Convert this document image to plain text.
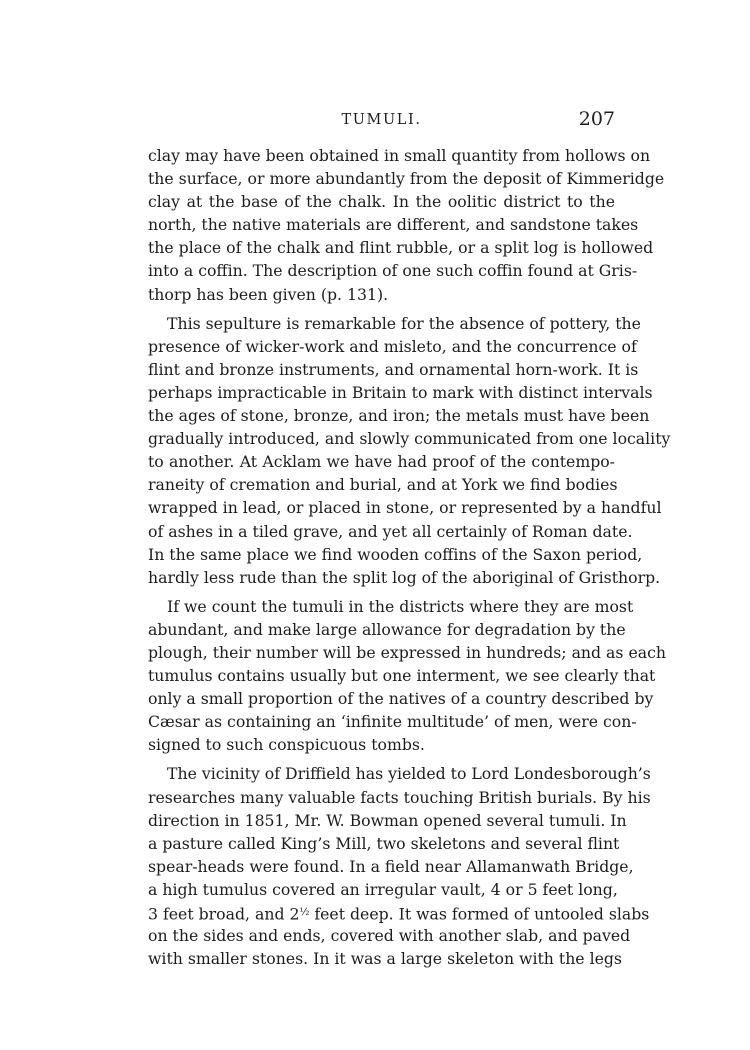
TUMULI.	207

clay may have been obtained in small quantity from hollows on
the surface, or more abundantly from the deposit of Kimmeridge
clay at the base of the chalk. In the oolitic district to the
north, the native materials are different, and sandstone takes
the place of the chalk and flint rubble, or a split log is hollowed
into a coffin. The description of one such coffin found at Gris-
thorp has been given (p. 131).

This sepulture is remarkable for the absence of pottery, the
presence of wicker-work and misleto, and the concurrence of
flint and bronze instruments, and ornamental horn-work. It is
perhaps impracticable in Britain to mark with distinct intervals
the ages of stone, bronze, and iron; the metals must have been
gradually introduced, and slowly communicated from one locality
to another. At Acklam we have had proof of the contempo-
raneity of cremation and burial, and at York we find bodies
wrapped in lead, or placed in stone, or represented by a handful
of ashes in a tiled grave, and yet all certainly of Roman date.
In the same place we find wooden coffins of the Saxon period,
hardly less rude than the split log of the aboriginal of Gristhorp.

If we count the tumuli in the districts where they are most
abundant, and make large allowance for degradation by the
plough, their number will be expressed in hundreds; and as each
tumulus contains usually but one interment, we see clearly that
only a small proportion of the natives of a country described by
Cæsar as containing an ‘infinite multitude’ of men, were con-
signed to such conspicuous tombs.

The vicinity of Driffield has yielded to Lord Londesborough’s
researches many valuable facts touching British burials. By his
direction in 1851, Mr. W. Bowman opened several tumuli. In
a pasture called King’s Mill, two skeletons and several flint
spear-heads were found. In a field near Allamanwath Bridge,
a high tumulus covered an irregular vault, 4 or 5 feet long,
3 feet broad, and $2^{\frac{1}{2}}$ feet deep. It was formed of untooled slabs
on the sides and ends, covered with another slab, and paved
with smaller stones. In it was a large skeleton with the legs
